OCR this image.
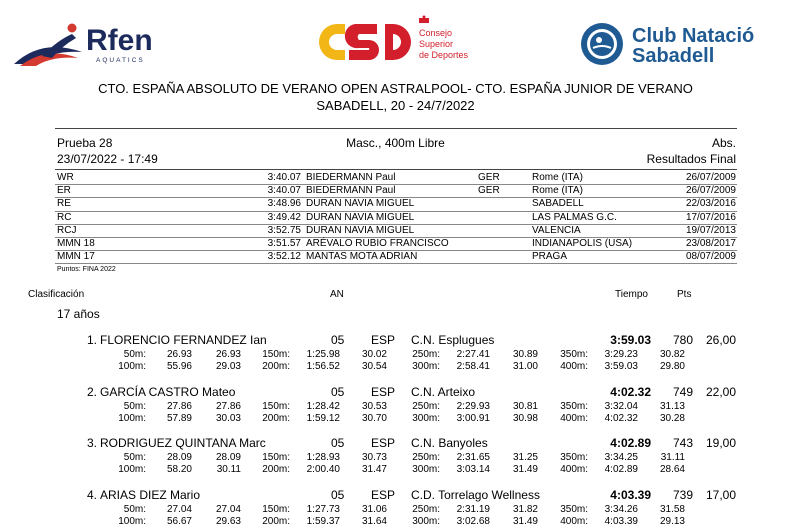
Rfen
AQUATICS
Consejo
Superior
de Deportes
Club Natació
Sabadell
CTO. ESPAÑA ABSOLUTO DE VERANO OPEN ASTRALPOOL- CTO. ESPAÑA JUNIOR DE VERANO
SABADELL, 20 - 24/7/2022
Prueba 28
23/07/2022 - 17:49
Masc., 400m Libre	Abs.
Resultados Final
WR	3:40.07 BIEDERMANN Paul	GER	Rome (ITA)	26/07/2009
ER	3:40.07 BIEDERMANN Paul	GER	Rome (ITA)	26/07/2009
RE	3:48.96 DURAN NAVIA MIGUEL	SABADELL	22/03/2016
RC	3:49.42 DURAN NAVIA MIGUEL	LAS PALMAS G.C.	17/07/2016
RCJ	3:52.75 DURAN NAVIA MIGUEL	VALENCIA	19/07/2013
MMN 18	3:51.57 ARÉVALO RUBIO FRANCISCO	INDIANAPOLIS (USA)	23/08/2017
MMN 17	3:52.12 MANTAS MOTA ADRIAN	PRAGA	08/07/2009
Puntos: FINA 2022
Clasificación	AN	Tiempo	Pts
17 años
1. FLORENCIO FERNANDEZ Ian	05 ESP C.N. Esplugues	3:59.03 780 26,00
50m: 26.93 26.93 150m: 1:25.98 30.02	250m: 2:27.41 30.89 350m: 3:29.23 30.82
100m: 55.96 29.03 200m: 1:56.52 30.54	300m: 2:58.41 31.00 400m: 3:59.03 29.80
2. GARCÍA CASTRO Mateo	05 ESP C.N. Arteixo	4:02.32 749 22,00
50m: 27.86 27.86 150m: 1:28.42 30.53	250m: 2:29.93 30.81 350m: 3:32.04 31.13
100m: 57.89 30.03 200m: 1:59.12 30.70	300m: 3:00.91 30.98 400m: 4:02.32 30.28
3. RODRIGUEZ QUINTANA Marc	05 ESP C.N. Banyoles	4:02.89 743 19,00
50m: 28.09 28.09 150m: 1:28.93 30.73	250m: 2:31.65 31.25 350m: 3:34.25 31.11
100m: 58.20 30.11 200m: 2:00.40 31.47	300m: 3:03.14 31.49 400m: 4:02.89 28.64
4. ARIAS DIEZ Mario	05 ESP C.D. Torrelago Wellness	4:03.39 739 17,00
50m: 27.04 27.04 150m: 1:27.73 31.06	250m: 2:31.19 31.82 350m: 3:34.26 31.58
100m: 56.67 29.63 200m: 1:59.37 31.64	300m: 3:02.68 31.49 400m: 4:03.39 29.13
